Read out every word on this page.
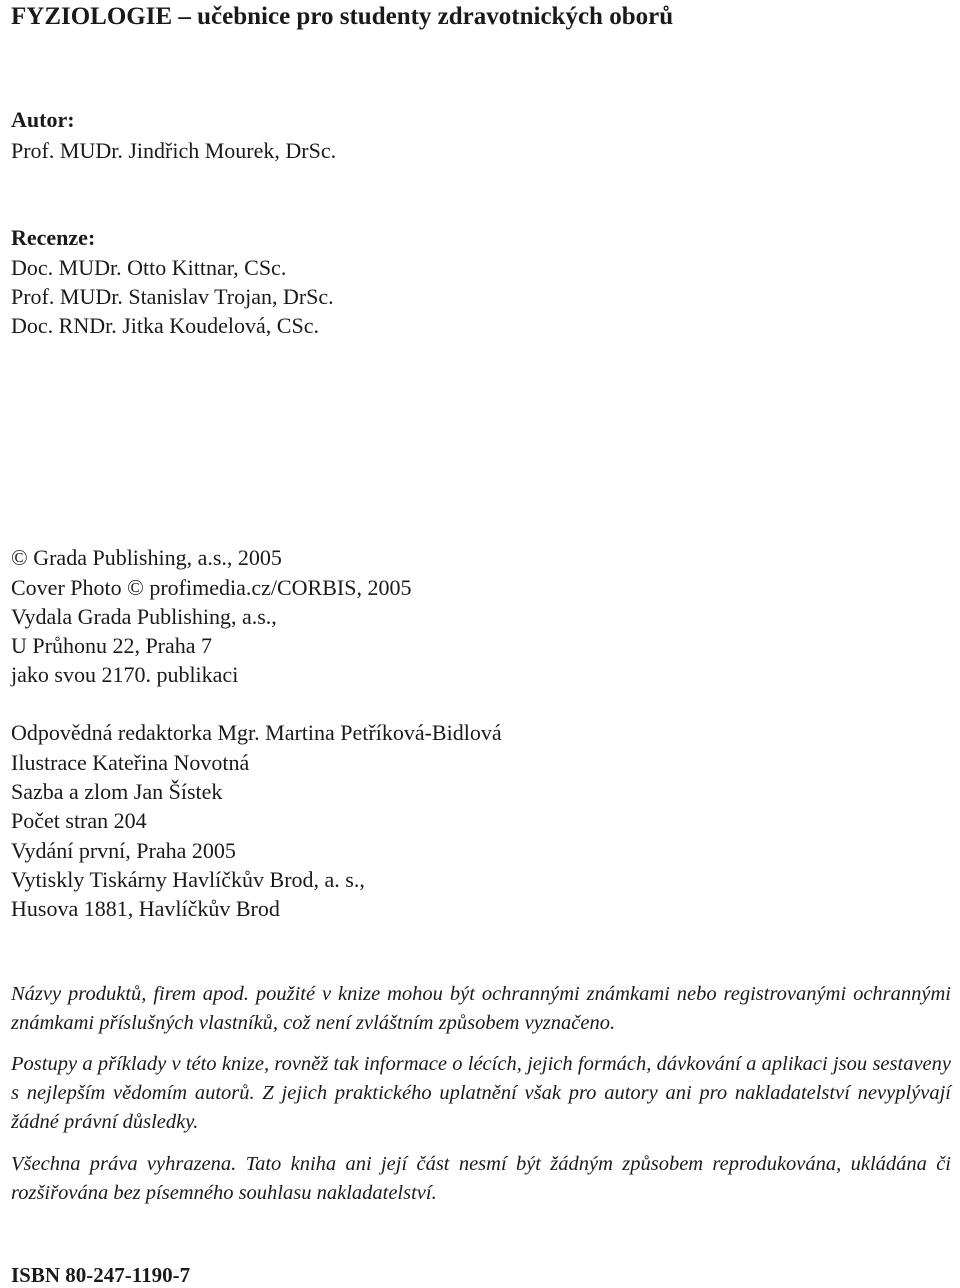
FYZIOLOGIE – učebnice pro studenty zdravotnických oborů
Autor:
Prof. MUDr. Jindřich Mourek, DrSc.
Recenze:
Doc. MUDr. Otto Kittnar, CSc.
Prof. MUDr. Stanislav Trojan, DrSc.
Doc. RNDr. Jitka Koudelová, CSc.
© Grada Publishing, a.s., 2005
Cover Photo © profimedia.cz/CORBIS, 2005
Vydala Grada Publishing, a.s.,
U Průhonu 22, Praha 7
jako svou 2170. publikaci
Odpovědná redaktorka Mgr. Martina Petříková-Bidlová
Ilustrace Kateřina Novotná
Sazba a zlom Jan Šístek
Počet stran 204
Vydání první, Praha 2005
Vytiskly Tiskárny Havlíčkův Brod, a. s.,
Husova 1881, Havlíčkův Brod
Názvy produktů, firem apod. použité v knize mohou být ochrannými známkami nebo registrovanými ochrannými známkami příslušných vlastníků, což není zvláštním způsobem vyznačeno.
Postupy a příklady v této knize, rovněž tak informace o lécích, jejich formách, dávkování a aplikaci jsou sestaveny s nejlepším vědomím autorů. Z jejich praktického uplatnění však pro autory ani pro nakladatelství nevyplývají žádné právní důsledky.
Všechna práva vyhrazena. Tato kniha ani její část nesmí být žádným způsobem reprodukována, ukládána či rozšiřována bez písemného souhlasu nakladatelství.
ISBN 80-247-1190-7
